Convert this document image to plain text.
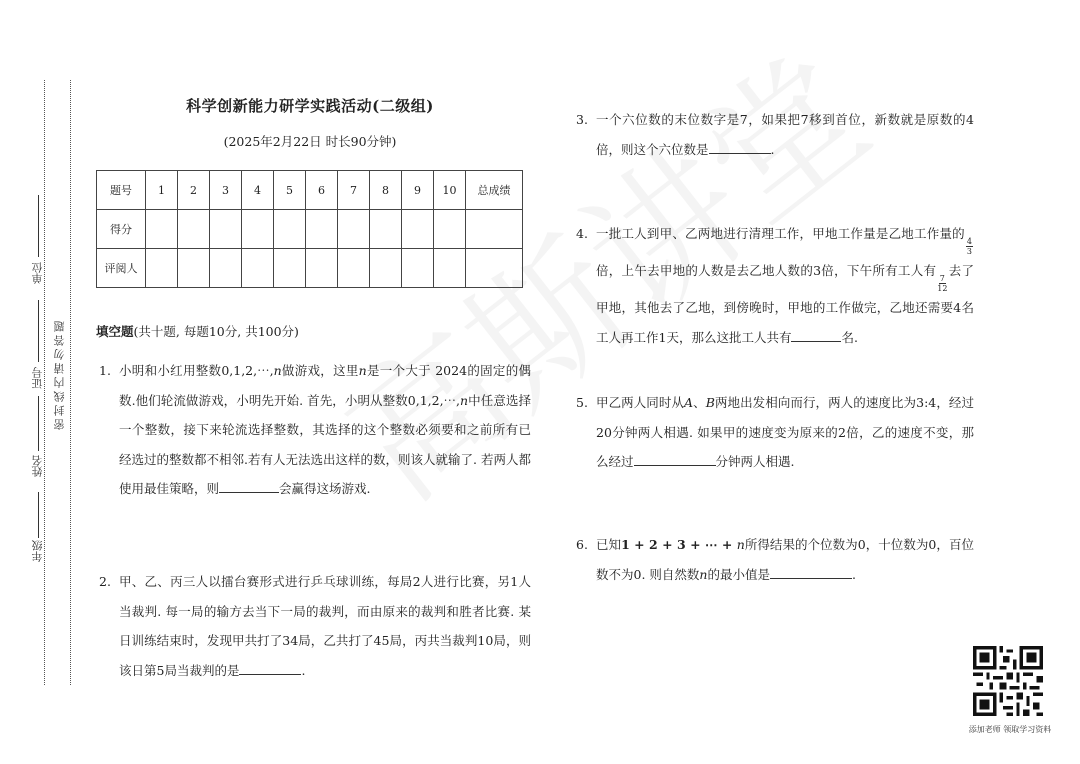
年级
姓名
证号
单位
密封线内请勿答题
科学创新能力研学实践活动(二级组)
(2025年2月22日 时长90分钟)
题号	1	2	3	4	5	6	7	8	9	10	总成绩
得分											
评阅人											
填空题(共十题, 每题10分, 共100分)
1. 小明和小红用整数0,1,2,⋯,n做游戏，这里n是一个大于 2024的固定的偶数.他们轮流做游戏，小明先开始. 首先，小明从整数0,1,2,⋯,n中任意选择一个整数，接下来轮流选择整数，其选择的这个整数必须要和之前所有已经选过的整数都不相邻.若有人无法选出这样的数，则该人就输了. 若两人都使用最佳策略，则	会赢得这场游戏.

2. 甲、乙、丙三人以擂台赛形式进行乒乓球训练，每局2人进行比赛，另1人当裁判. 每一局的输方去当下一局的裁判，而由原来的裁判和胜者比赛. 某日训练结束时，发现甲共打了34局，乙共打了45局，丙共当裁判10局，则该日第5局当裁判的是	.

3. 一个六位数的末位数字是7，如果把7移到首位，新数就是原数的4倍，则这个六位数是	.

4. 一批工人到甲、乙两地进行清理工作，甲地工作量是乙地工作量的
$\frac{4}{3}$
倍，上午去甲地的人数是去乙地人数的3倍，下午所有工人有
$\frac{7}{12}$
去了甲地，其他去了乙地，到傍晚时，甲地的工作做完，乙地还需要4名工人再工作1天，那么这批工人共有	名.

5. 甲乙两人同时从A、B两地出发相向而行，两人的速度比为3:4，经过20分钟两人相遇. 如果甲的速度变为原来的2倍，乙的速度不变，那么经过	分钟两人相遇.

6. 已知1 + 2 + 3 + ⋯ + n所得结果的个位数为0，十位数为0，百位数不为0. 则自然数n的最小值是	.

添加老师 领取学习资料
